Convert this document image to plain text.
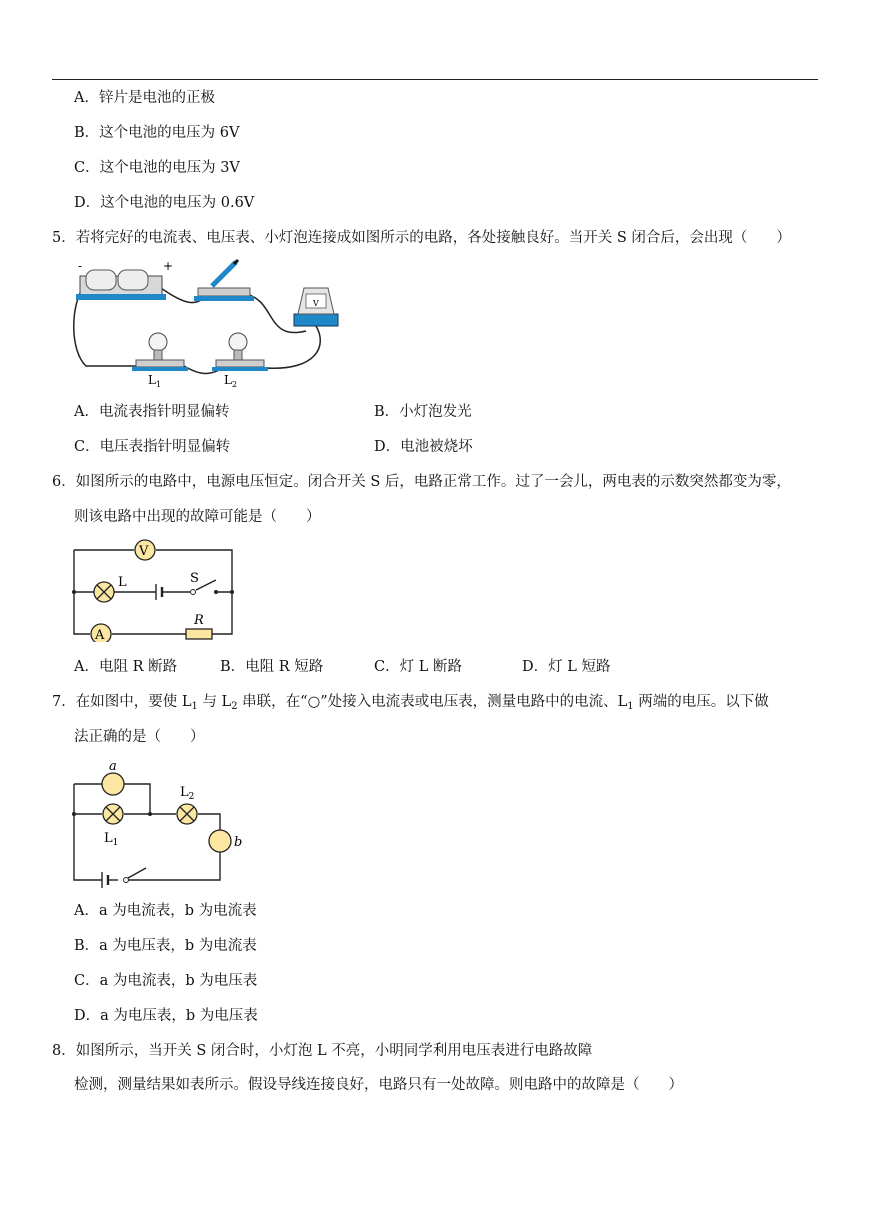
A．锌片是电池的正极
B．这个电池的电压为 6V
C．这个电池的电压为 3V
D．这个电池的电压为 0.6V
5．若将完好的电流表、电压表、小灯泡连接成如图所示的电路，各处接触良好。当开关 S 闭合后，会出现（　　）
-	+
V
$L_1$	$L_2$
A．电流表指针明显偏转	B．小灯泡发光
C．电压表指针明显偏转	D．电池被烧坏
6．如图所示的电路中，电源电压恒定。闭合开关 S 后，电路正常工作。过了一会儿，两电表的示数突然都变为零，
则该电路中出现的故障可能是（　　）
V
L	S
A
R
A．电阻 R 断路	B．电阻 R 短路	C．灯 L 断路	D．灯 L 短路
7．在如图中，要使 $L_1$ 与 $L_2$ 串联，在“○”处接入电流表或电压表，测量电路中的电流、$L_1$ 两端的电压。以下做
法正确的是（　　）
a
$L_1$
$L_2$
b
A．a 为电流表，b 为电流表
B．a 为电压表，b 为电流表
C．a 为电流表，b 为电压表
D．a 为电压表，b 为电压表
8．如图所示，当开关 S 闭合时，小灯泡 L 不亮，小明同学利用电压表进行电路故障
检测，测量结果如表所示。假设导线连接良好，电路只有一处故障。则电路中的故障是（　　）
